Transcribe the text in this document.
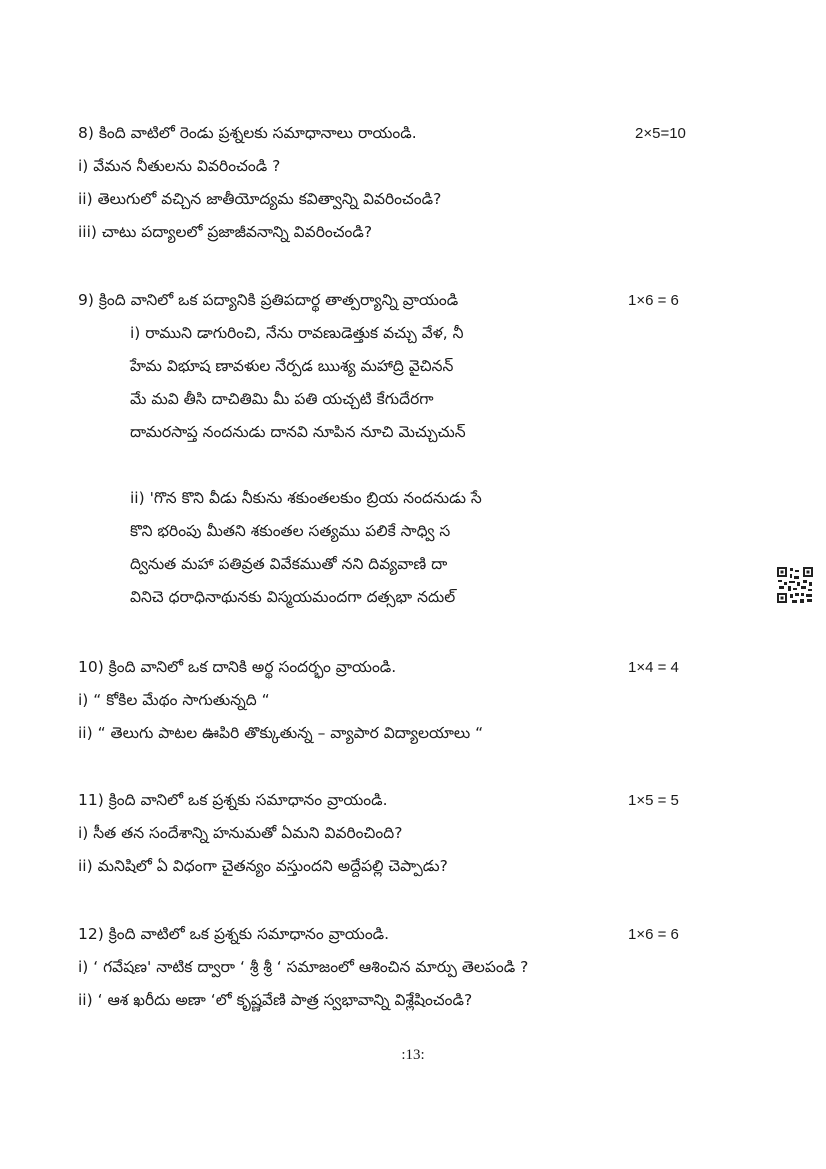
8) కింది వాటిలో రెండు ప్రశ్నలకు సమాధానాలు రాయండి.	2×5=10
i) వేమన నీతులను వివరించండి ?
ii) తెలుగులో వచ్చిన జాతీయోద్యమ కవిత్వాన్ని వివరించండి?
iii) చాటు పద్యాలలో ప్రజాజీవనాన్ని వివరించండి?
9) క్రింది వానిలో ఒక పద్యానికి ప్రతిపదార్థ తాత్పర్యాన్ని వ్రాయండి	1×6 = 6
i) రాముని డాగురించి, నేను రావణుడెత్తుక వచ్చు వేళ, నీ
హేమ విభూష ణావళుల నేర్పడ ఋశ్య మహాద్రి వైచినన్
మే మవి తీసి దాచితిమి మీ పతి యచ్చటి కేగుదేరగా
దామరసాప్త నందనుడు దానవి నూపిన నూచి మెచ్చుచున్
ii) 'గొన కొని వీడు నీకును శకుంతలకుం బ్రియ నందనుడు సే
కొని భరింపు మీతని శకుంతల సత్యము పలికే సాధ్వి స
ద్వినుత మహా పతివ్రత వివేకముతో నని దివ్యవాణి దా
వినిచె ధరాధినాథునకు విస్మయమందగా దత్సభా నదుల్
10) క్రింది వానిలో ఒక దానికి అర్థ సందర్భం వ్రాయండి.	1×4 = 4
i) “ కోకిల మేథం సాగుతున్నది “
ii) “ తెలుగు పాటల ఊపిరి తొక్కుతున్న – వ్యాపార విద్యాలయాలు “
11) క్రింది వానిలో ఒక ప్రశ్నకు సమాధానం వ్రాయండి.	1×5 = 5
i) సీత తన సందేశాన్ని హనుమతో ఏమని వివరించింది?
ii) మనిషిలో ఏ విధంగా చైతన్యం వస్తుందని అద్దేపల్లి చెప్పాడు?
12) క్రింది వాటిలో ఒక ప్రశ్నకు సమాధానం వ్రాయండి.	1×6 = 6
i) ‘ గవేషణ' నాటిక ద్వారా ‘ శ్రీ శ్రీ ‘ సమాజంలో ఆశించిన మార్పు తెలపండి ?
ii) ‘ ఆశ ఖరీదు అణా ‘లో కృష్ణవేణి పాత్ర స్వభావాన్ని విశ్లేషించండి?
:13:
